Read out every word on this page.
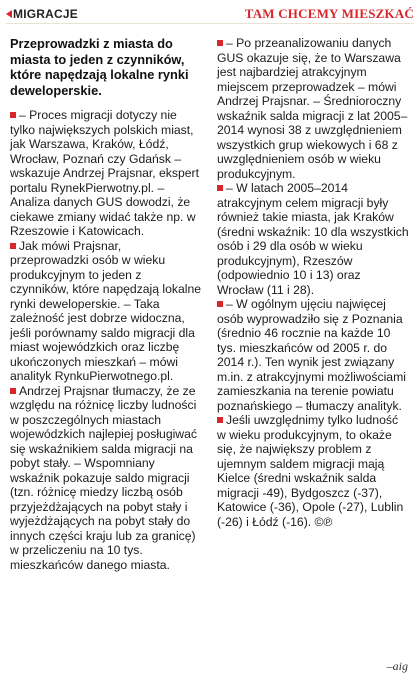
MIGRACJE	TAM CHCEMY MIESZKAĆ

Przeprowadzki z miasta do miasta to jeden z czynników, które napędzają lokalne rynki deweloperskie.

– Proces migracji dotyczy nie tylko największych polskich miast, jak Warszawa, Kraków, Łódź, Wrocław, Poznań czy Gdańsk – wskazuje Andrzej Prajsnar, ekspert portalu RynekPierwotny.pl. – Analiza danych GUS dowodzi, że ciekawe zmiany widać także np. w Rzeszowie i Katowicach.

Jak mówi Prajsnar, przeprowadzki osób w wieku produkcyjnym to jeden z czynników, które napędzają lokalne rynki deweloperskie. – Taka zależność jest dobrze widoczna, jeśli porównamy saldo migracji dla miast wojewódzkich oraz liczbę ukończonych mieszkań – mówi analityk RynkuPierwotnego.pl.

Andrzej Prajsnar tłumaczy, że ze względu na różnicę liczby ludności w poszczególnych miastach wojewódzkich najlepiej posługiwać się wskaźnikiem salda migracji na pobyt stały. – Wspomniany wskaźnik pokazuje saldo migracji (tzn. różnicę miedzy liczbą osób przyjeżdżających na pobyt stały i wyjeżdżających na pobyt stały do innych części kraju lub za granicę) w przeliczeniu na 10 tys. mieszkańców danego miasta.

– Po przeanalizowaniu danych GUS okazuje się, że to Warszawa jest najbardziej atrakcyjnym miejscem przeprowadzek – mówi Andrzej Prajsnar. – Średnioroczny wskaźnik salda migracji z lat 2005–2014 wynosi 38 z uwzględnieniem wszystkich grup wiekowych i 68 z uwzględnieniem osób w wieku produkcyjnym.

– W latach 2005–2014 atrakcyjnym celem migracji były również takie miasta, jak Kraków (średni wskaźnik: 10 dla wszystkich osób i 29 dla osób w wieku produkcyjnym), Rzeszów (odpowiednio 10 i 13) oraz Wrocław (11 i 28).

– W ogólnym ujęciu najwięcej osób wyprowadziło się z Poznania (średnio 46 rocznie na każde 10 tys. mieszkańców od 2005 r. do 2014 r.). Ten wynik jest związany m.in. z atrakcyjnymi możliwościami zamieszkania na terenie powiatu poznańskiego – tłumaczy analityk.

Jeśli uwzględnimy tylko ludność w wieku produkcyjnym, to okaże się, że największy problem z ujemnym saldem migracji mają Kielce (średni wskaźnik salda migracji -49), Bydgoszcz (-37), Katowice (-36), Opole (-27), Lublin (-26) i Łódź (-16). ©℗

–aig
